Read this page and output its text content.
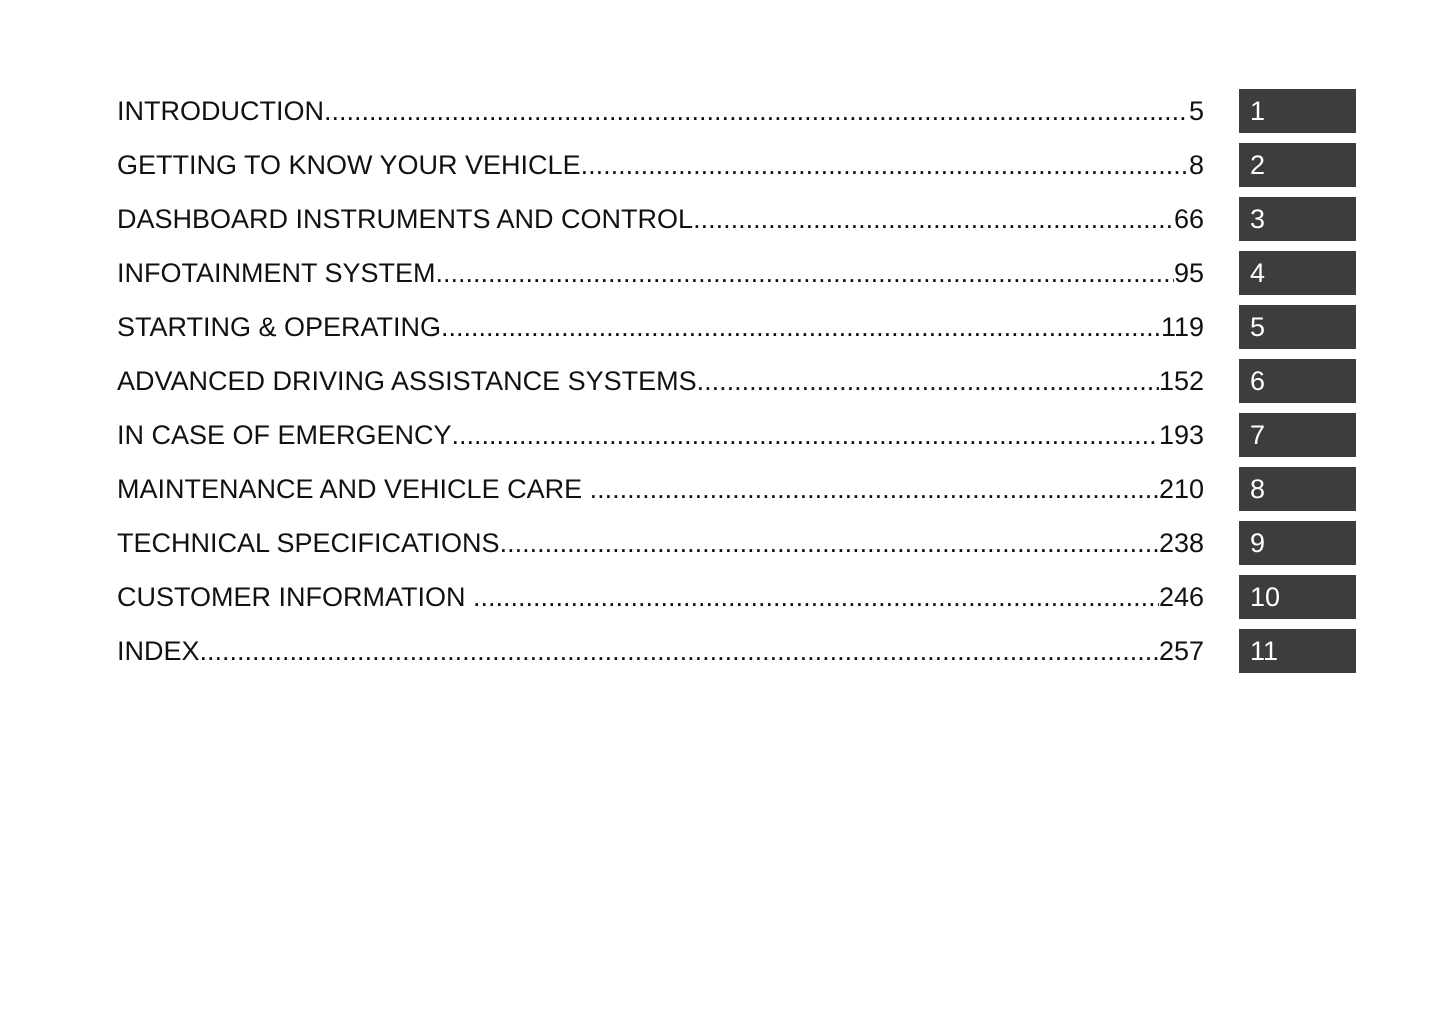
INTRODUCTION .....	5	1
GETTING TO KNOW YOUR VEHICLE .....	8	2
DASHBOARD INSTRUMENTS AND CONTROL .....	66	3
INFOTAINMENT SYSTEM .....	95	4
STARTING & OPERATING .....	119	5
ADVANCED DRIVING ASSISTANCE SYSTEMS .....	152	6
IN CASE OF EMERGENCY .....	193	7
MAINTENANCE AND VEHICLE CARE .....	210	8
TECHNICAL SPECIFICATIONS .....	238	9
CUSTOMER INFORMATION .....	246	10
INDEX .....	257	11
